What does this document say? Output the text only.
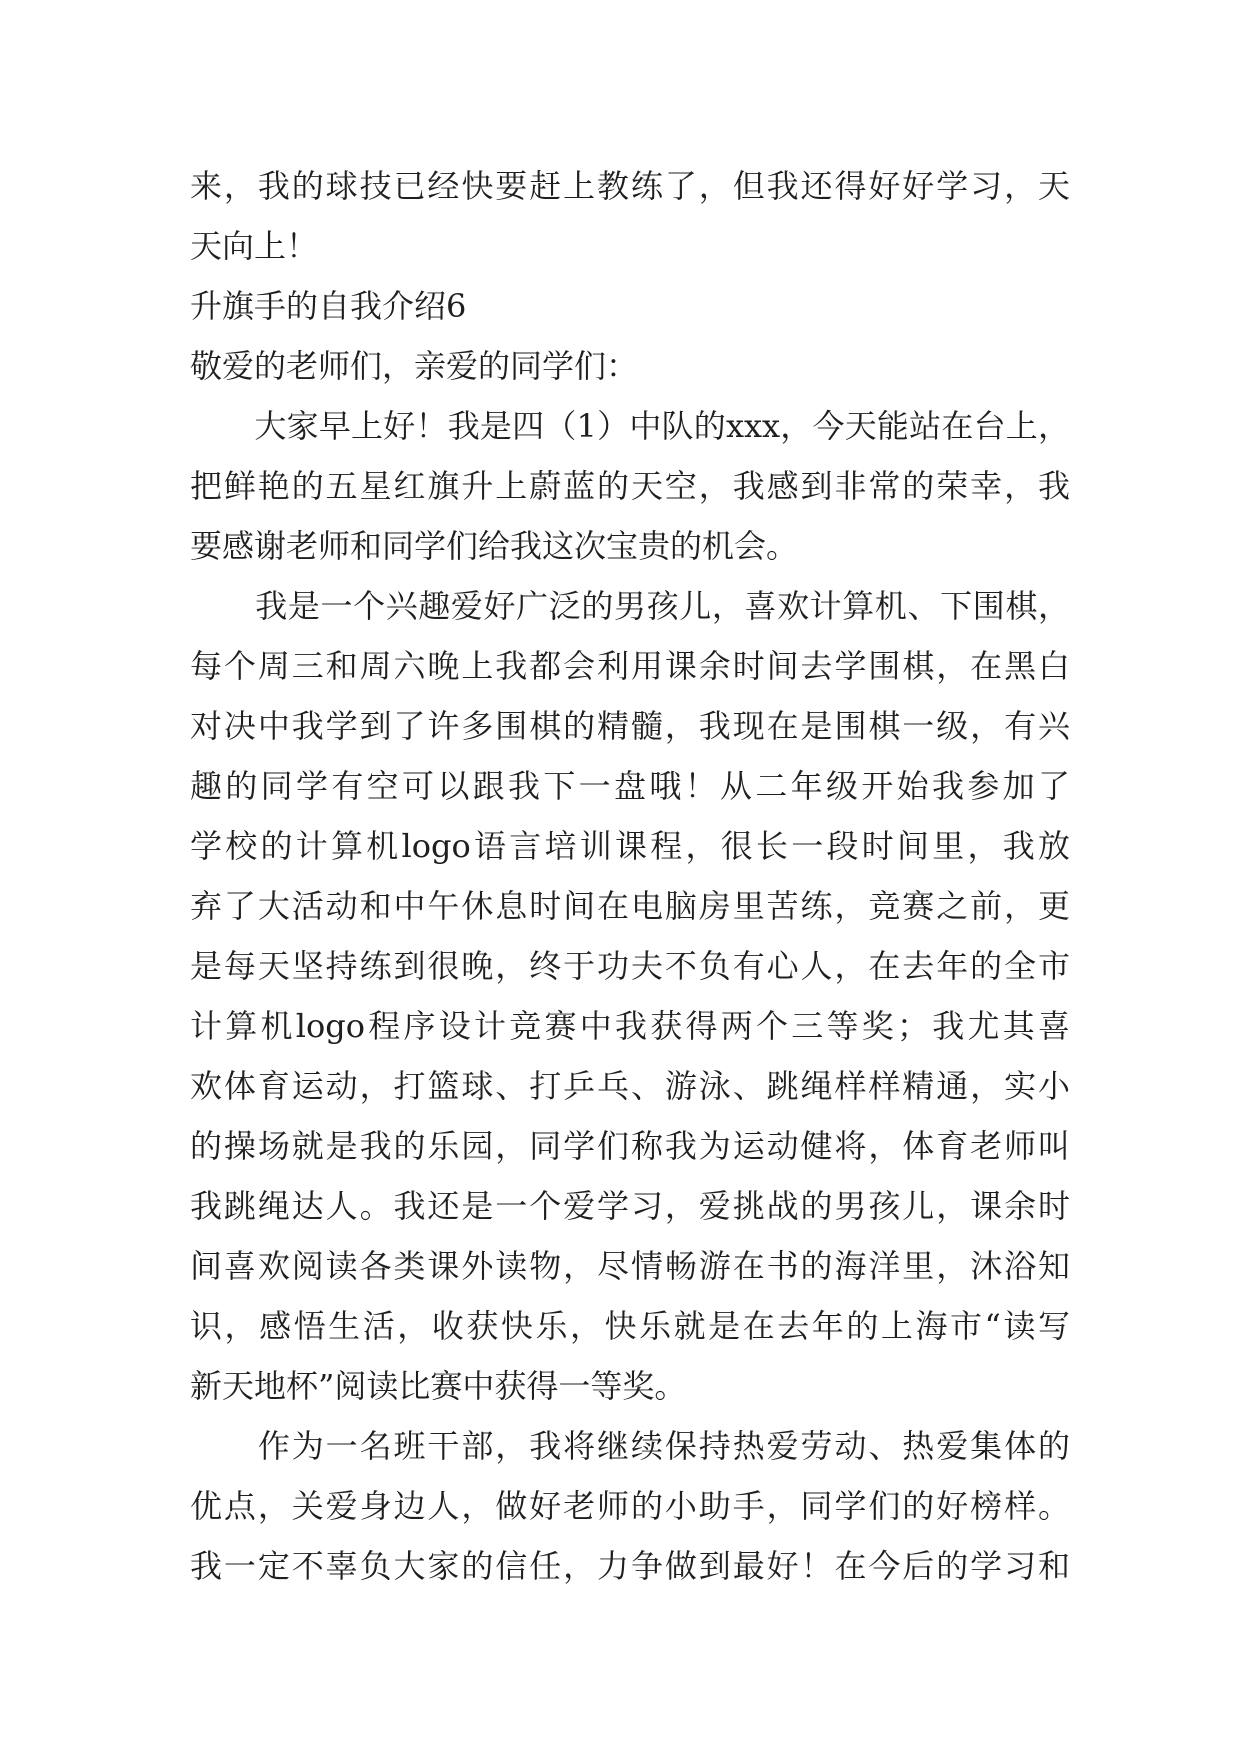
来，我的球技已经快要赶上教练了，但我还得好好学习，天
天向上！
升旗手的自我介绍6
敬爱的老师们，亲爱的同学们：
　　大家早上好！我是四（1）中队的xxx，今天能站在台上，
把鲜艳的五星红旗升上蔚蓝的天空，我感到非常的荣幸，我
要感谢老师和同学们给我这次宝贵的机会。
　　我是一个兴趣爱好广泛的男孩儿，喜欢计算机、下围棋，
每个周三和周六晚上我都会利用课余时间去学围棋，在黑白
对决中我学到了许多围棋的精髓，我现在是围棋一级，有兴
趣的同学有空可以跟我下一盘哦！从二年级开始我参加了
学校的计算机logo语言培训课程，很长一段时间里，我放
弃了大活动和中午休息时间在电脑房里苦练，竞赛之前，更
是每天坚持练到很晚，终于功夫不负有心人，在去年的全市
计算机logo程序设计竞赛中我获得两个三等奖；我尤其喜
欢体育运动，打篮球、打乒乓、游泳、跳绳样样精通，实小
的操场就是我的乐园，同学们称我为运动健将，体育老师叫
我跳绳达人。我还是一个爱学习，爱挑战的男孩儿，课余时
间喜欢阅读各类课外读物，尽情畅游在书的海洋里，沐浴知
识，感悟生活，收获快乐，快乐就是在去年的上海市“读写
新天地杯”阅读比赛中获得一等奖。
　　作为一名班干部，我将继续保持热爱劳动、热爱集体的
优点，关爱身边人，做好老师的小助手，同学们的好榜样。
我一定不辜负大家的信任，力争做到最好！在今后的学习和
